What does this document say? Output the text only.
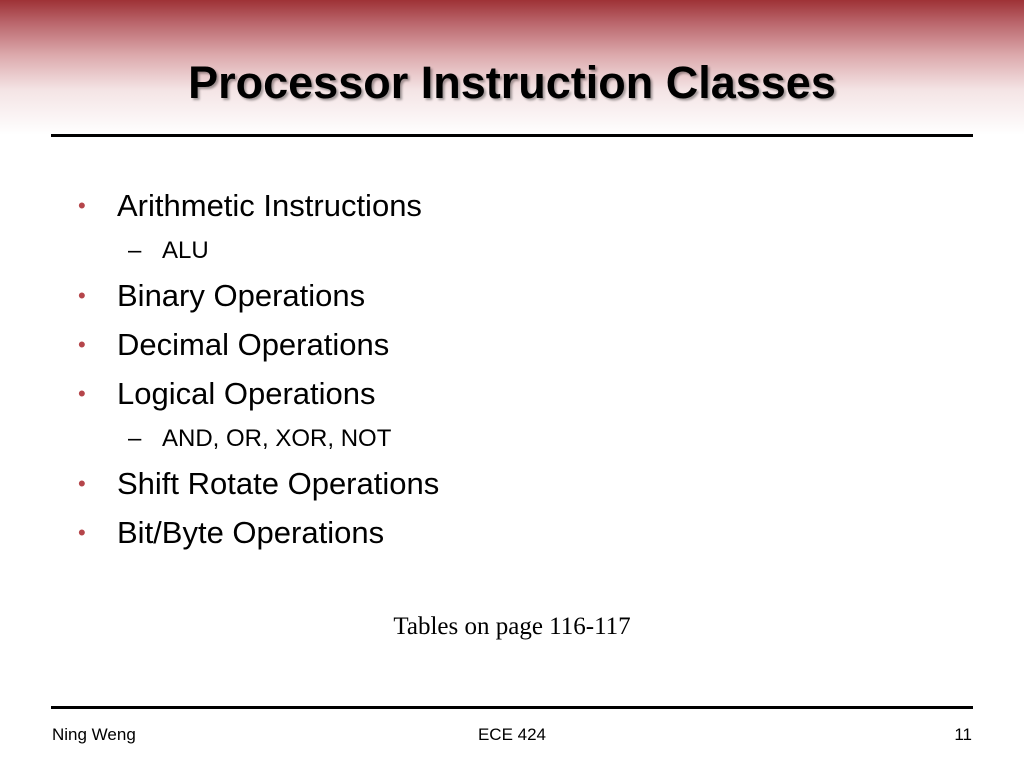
Processor Instruction Classes
• Arithmetic Instructions
– ALU
• Binary Operations
• Decimal Operations
• Logical Operations
– AND, OR, XOR, NOT
• Shift Rotate Operations
• Bit/Byte Operations
Tables on page 116-117
Ning Weng	ECE 424	11
